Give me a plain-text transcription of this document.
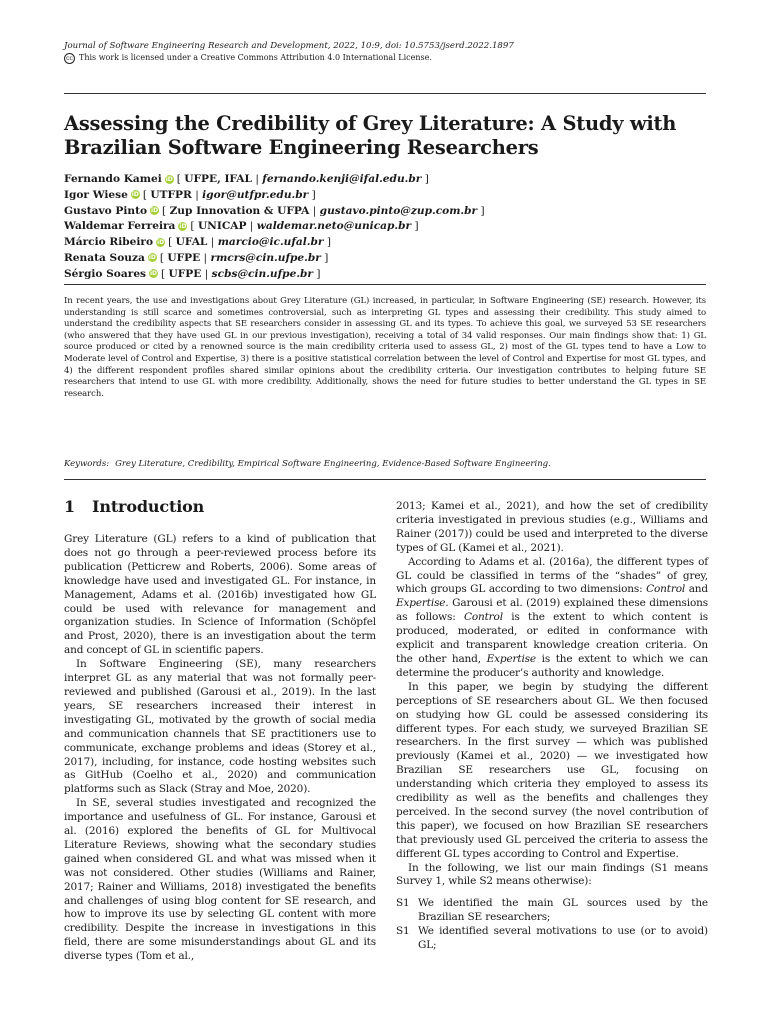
Journal of Software Engineering Research and Development, 2022, 10:9, doi: 10.5753/jserd.2022.1897
cc This work is licensed under a Creative Commons Attribution 4.0 International License.
Assessing the Credibility of Grey Literature: A Study with
Brazilian Software Engineering Researchers
Fernando Kamei iD [ UFPE, IFAL | fernando.kenji@ifal.edu.br ]
Igor Wiese iD [ UTFPR | igor@utfpr.edu.br ]
Gustavo Pinto iD [ Zup Innovation & UFPA | gustavo.pinto@zup.com.br ]
Waldemar Ferreira iD [ UNICAP | waldemar.neto@unicap.br ]
Márcio Ribeiro iD [ UFAL | marcio@ic.ufal.br ]
Renata Souza iD [ UFPE | rmcrs@cin.ufpe.br ]
Sérgio Soares iD [ UFPE | scbs@cin.ufpe.br ]
In recent years, the use and investigations about Grey Literature (GL) increased, in particular, in Software Engineering (SE) research. However, its understanding is still scarce and sometimes controversial, such as interpreting GL types and assessing their credibility. This study aimed to understand the credibility aspects that SE researchers consider in assessing GL and its types. To achieve this goal, we surveyed 53 SE researchers (who answered that they have used GL in our previous investigation), receiving a total of 34 valid responses. Our main findings show that: 1) GL source produced or cited by a renowned source is the main credibility criteria used to assess GL, 2) most of the GL types tend to have a Low to Moderate level of Control and Expertise, 3) there is a positive statistical correlation between the level of Control and Expertise for most GL types, and 4) the different respondent profiles shared similar opinions about the credibility criteria. Our investigation contributes to helping future SE researchers that intend to use GL with more credibility. Additionally, shows the need for future studies to better understand the GL types in SE research.
Keywords: Grey Literature, Credibility, Empirical Software Engineering, Evidence-Based Software Engineering.
1 Introduction

Grey Literature (GL) refers to a kind of publication that does not go through a peer-reviewed process before its publication (Petticrew and Roberts, 2006). Some areas of knowledge have used and investigated GL. For instance, in Management, Adams et al. (2016b) investigated how GL could be used with relevance for management and organization studies. In Science of Information (Schöpfel and Prost, 2020), there is an investigation about the term and concept of GL in scientific papers.

In Software Engineering (SE), many researchers interpret GL as any material that was not formally peer-reviewed and published (Garousi et al., 2019). In the last years, SE researchers increased their interest in investigating GL, motivated by the growth of social media and communication channels that SE practitioners use to communicate, exchange problems and ideas (Storey et al., 2017), including, for instance, code hosting websites such as GitHub (Coelho et al., 2020) and communication platforms such as Slack (Stray and Moe, 2020).

In SE, several studies investigated and recognized the importance and usefulness of GL. For instance, Garousi et al. (2016) explored the benefits of GL for Multivocal Literature Reviews, showing what the secondary studies gained when considered GL and what was missed when it was not considered. Other studies (Williams and Rainer, 2017; Rainer and Williams, 2018) investigated the benefits and challenges of using blog content for SE research, and how to improve its use by selecting GL content with more credibility. Despite the increase in investigations in this field, there are some misunderstandings about GL and its diverse types (Tom et al.,

2013; Kamei et al., 2021), and how the set of credibility criteria investigated in previous studies (e.g., Williams and Rainer (2017)) could be used and interpreted to the diverse types of GL (Kamei et al., 2021).

According to Adams et al. (2016a), the different types of GL could be classified in terms of the “shades” of grey, which groups GL according to two dimensions: Control and Expertise. Garousi et al. (2019) explained these dimensions as follows: Control is the extent to which content is produced, moderated, or edited in conformance with explicit and transparent knowledge creation criteria. On the other hand, Expertise is the extent to which we can determine the producer’s authority and knowledge.

In this paper, we begin by studying the different perceptions of SE researchers about GL. We then focused on studying how GL could be assessed considering its different types. For each study, we surveyed Brazilian SE researchers. In the first survey — which was published previously (Kamei et al., 2020) — we investigated how Brazilian SE researchers use GL, focusing on understanding which criteria they employed to assess its credibility as well as the benefits and challenges they perceived. In the second survey (the novel contribution of this paper), we focused on how Brazilian SE researchers that previously used GL perceived the criteria to assess the different GL types according to Control and Expertise.

In the following, we list our main findings (S1 means Survey 1, while S2 means otherwise):

S1 We identified the main GL sources used by the Brazilian SE researchers;
S1 We identified several motivations to use (or to avoid) GL;
